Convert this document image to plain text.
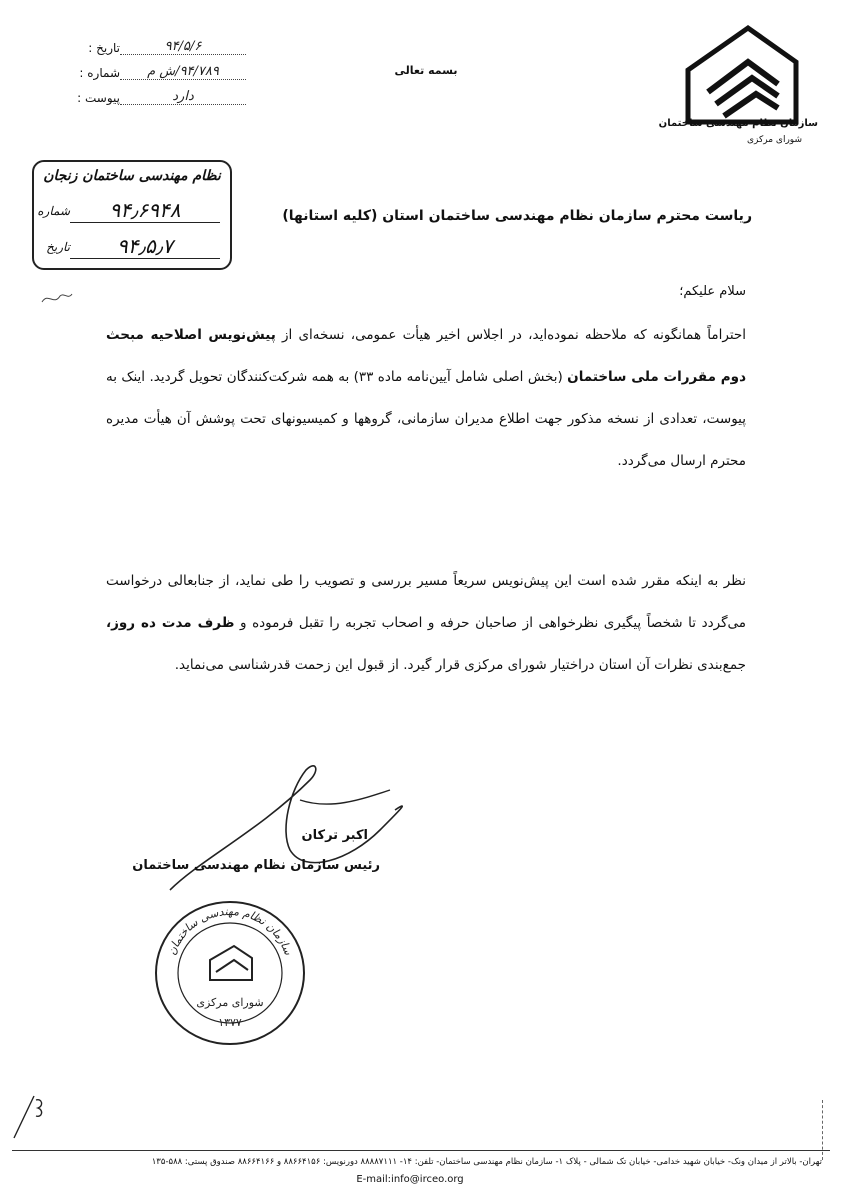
سازمان نظام مهندسی ساختمان
شورای مرکزی
بسمه تعالی
تاریخ :	۹۴/۵/۶
شماره :	۹۴/۷۸۹/ش م
پیوست :	دارد
نظام مهندسی ساختمان زنجان
شماره	۹۴٫۶۹۴۸
تاریخ	۹۴٫۵٫۷
ریاست محترم سازمان نظام مهندسی ساختمان استان (کلیه استانها)
سلام علیکم؛
احتراماً همانگونه که ملاحظه نموده‌اید، در اجلاس اخیر هیأت عمومی، نسخه‌ای از پیش‌نویس اصلاحیه مبحث دوم مقررات ملی ساختمان (بخش اصلی شامل آیین‌نامه ماده ۳۳) به همه شرکت‌کنندگان تحویل گردید. اینک به پیوست، تعدادی از نسخه مذکور جهت اطلاع مدیران سازمانی، گروهها و کمیسیونهای تحت پوشش آن هیأت مدیره محترم ارسال می‌گردد.
نظر به اینکه مقرر شده است این پیش‌نویس سریعاً مسیر بررسی و تصویب را طی نماید، از جنابعالی درخواست می‌گردد تا شخصاً پیگیری نظرخواهی از صاحبان حرفه و اصحاب تجربه را تقبل فرموده و ظرف مدت ده روز، جمع‌بندی نظرات آن استان دراختیار شورای مرکزی قرار گیرد. از قبول این زحمت قدرشناسی می‌نماید.
اکبر ترکان
رئیس سازمان نظام مهندسی ساختمان
سازمان نظام مهندسی ساختمان
شورای مرکزی
۱۳۷۷
تهران- بالاتر از میدان ونک- خیابان شهید خدامی- خیابان تک شمالی - پلاک ۱- سازمان نظام مهندسی ساختمان- تلفن: ۱۴- ۸۸۸۸۷۱۱۱ دورنویس: ۸۸۶۶۴۱۵۶ و ۸۸۶۶۴۱۶۶ صندوق پستی: ۵۸۸-۱۳۵
E-mail:info@irceo.org
